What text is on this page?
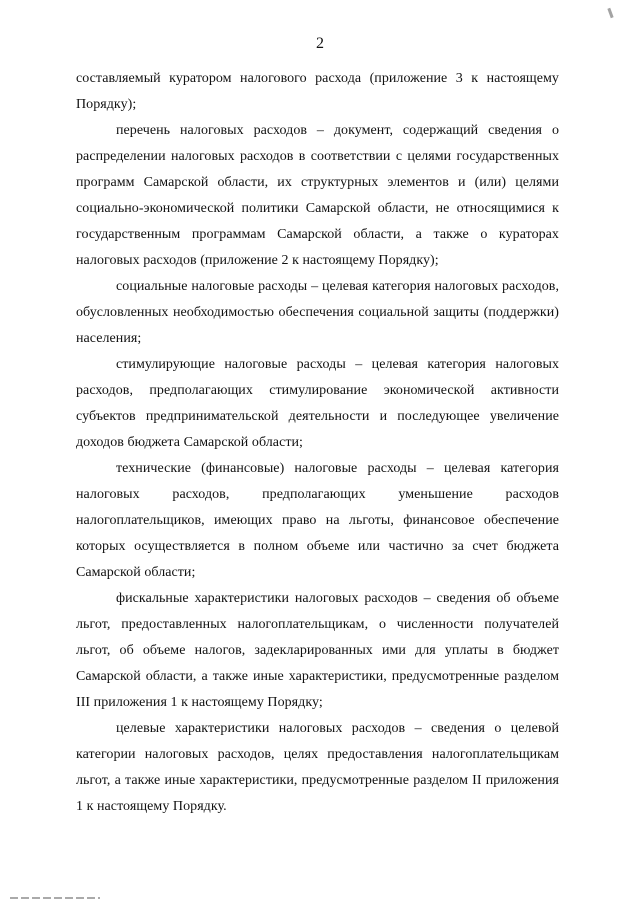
2

составляемый куратором налогового расхода (приложение 3 к настоящему Порядку);

перечень налоговых расходов – документ, содержащий сведения о распределении налоговых расходов в соответствии с целями государственных программ Самарской области, их структурных элементов и (или) целями социально-экономической политики Самарской области, не относящимися к государственным программам Самарской области, а также о кураторах налоговых расходов (приложение 2 к настоящему Порядку);

социальные налоговые расходы – целевая категория налоговых расходов, обусловленных необходимостью обеспечения социальной защиты (поддержки) населения;

стимулирующие налоговые расходы – целевая категория налоговых расходов, предполагающих стимулирование экономической активности субъектов предпринимательской деятельности и последующее увеличение доходов бюджета Самарской области;

технические (финансовые) налоговые расходы – целевая категория налоговых расходов, предполагающих уменьшение расходов налогоплательщиков, имеющих право на льготы, финансовое обеспечение которых осуществляется в полном объеме или частично за счет бюджета Самарской области;

фискальные характеристики налоговых расходов – сведения об объеме льгот, предоставленных налогоплательщикам, о численности получателей льгот, об объеме налогов, задекларированных ими для уплаты в бюджет Самарской области, а также иные характеристики, предусмотренные разделом III приложения 1 к настоящему Порядку;

целевые характеристики налоговых расходов – сведения о целевой категории налоговых расходов, целях предоставления налогоплательщикам льгот, а также иные характеристики, предусмотренные разделом II приложения 1 к настоящему Порядку.
